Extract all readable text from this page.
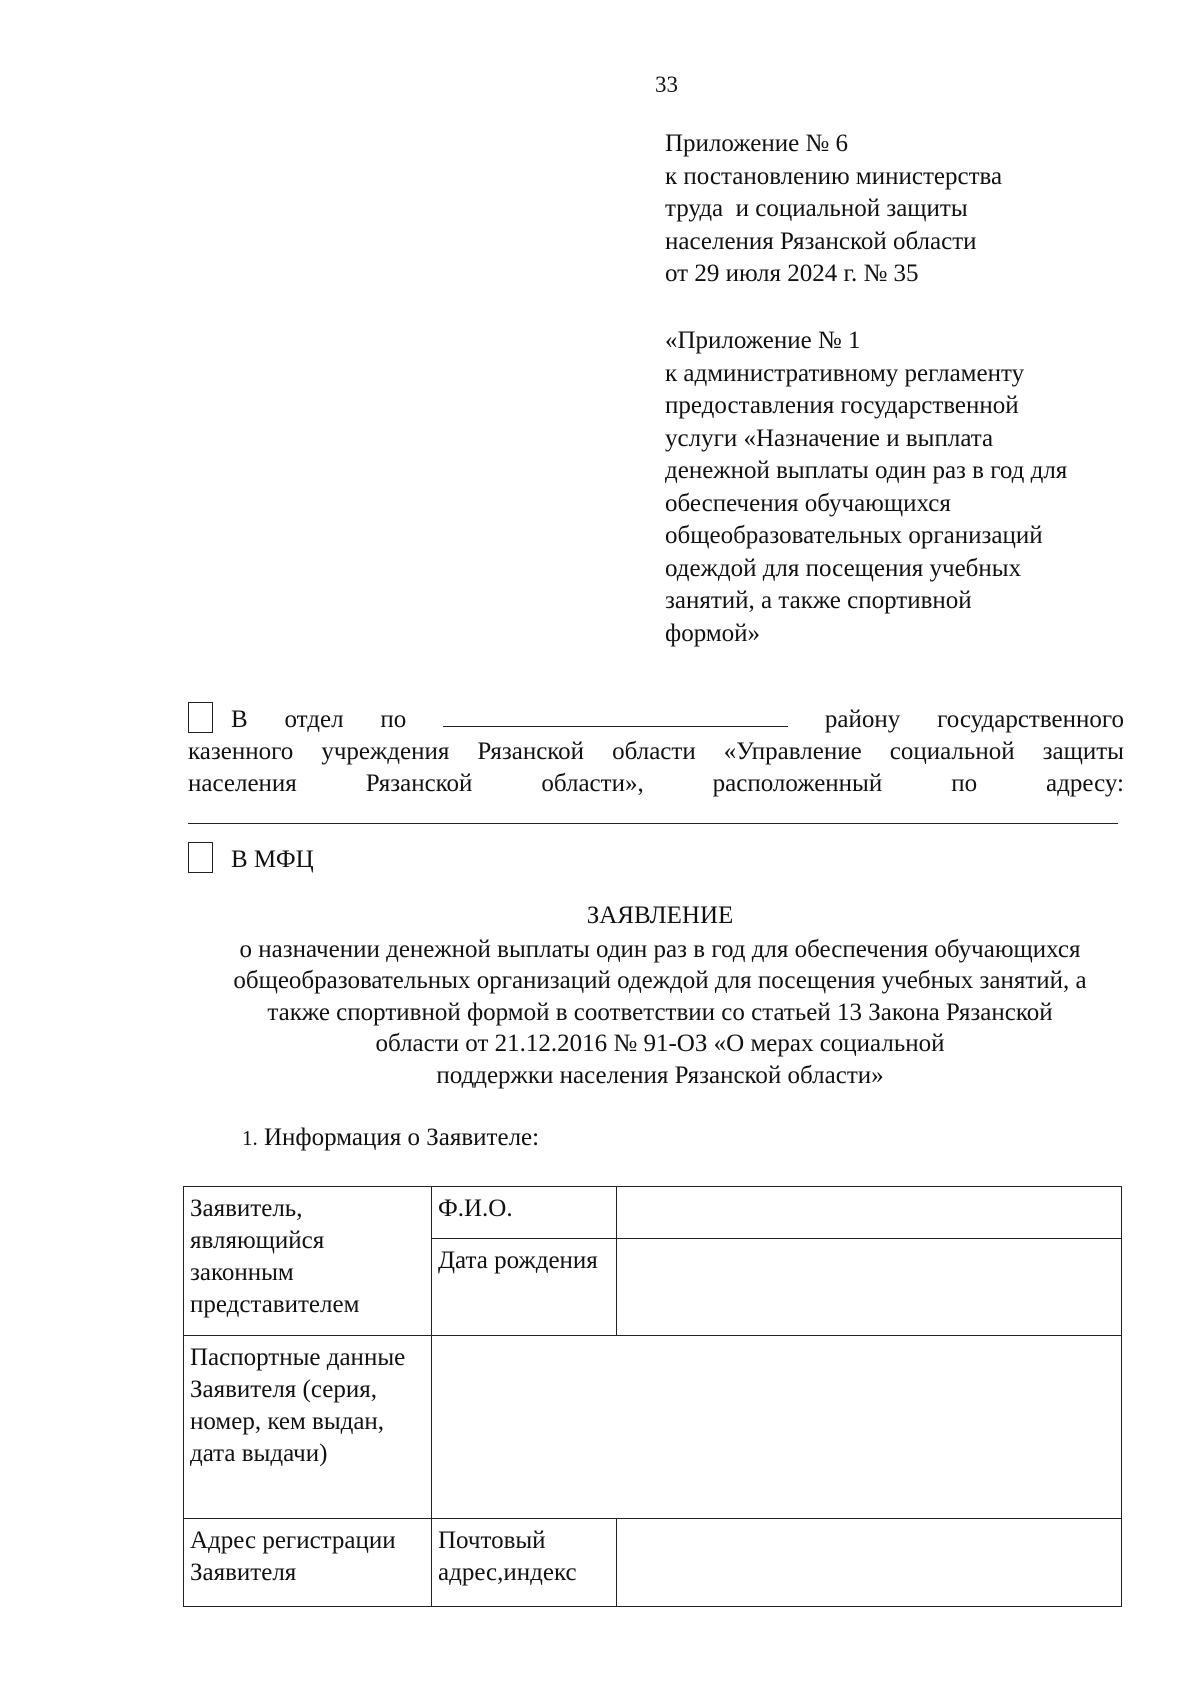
33
Приложение № 6
к постановлению министерства
труда  и социальной защиты
населения Рязанской области
от 29 июля 2024 г. № 35
«Приложение № 1
к административному регламенту
предоставления государственной
услуги «Назначение и выплата
денежной выплаты один раз в год для
обеспечения обучающихся
общеобразовательных организаций
одеждой для посещения учебных
занятий, а также спортивной
формой»
В отдел по	району государственного
казенного учреждения Рязанской области «Управление социальной защиты
населения	Рязанской	области»,	расположенный	по	адресу:
В МФЦ
ЗАЯВЛЕНИЕ
о назначении денежной выплаты один раз в год для обеспечения обучающихся
общеобразовательных организаций одеждой для посещения учебных занятий, а
также спортивной формой в соответствии со статьей 13 Закона Рязанской
области от 21.12.2016 № 91-ОЗ «О мерах социальной
поддержки населения Рязанской области»
1. Информация о Заявителе:
Заявитель, являющийся законным представителем	Ф.И.О.	
	Дата рождения	
Паспортные данные Заявителя (серия, номер, кем выдан, дата выдачи)		
Адрес регистрации Заявителя	Почтовый адрес,индекс	
